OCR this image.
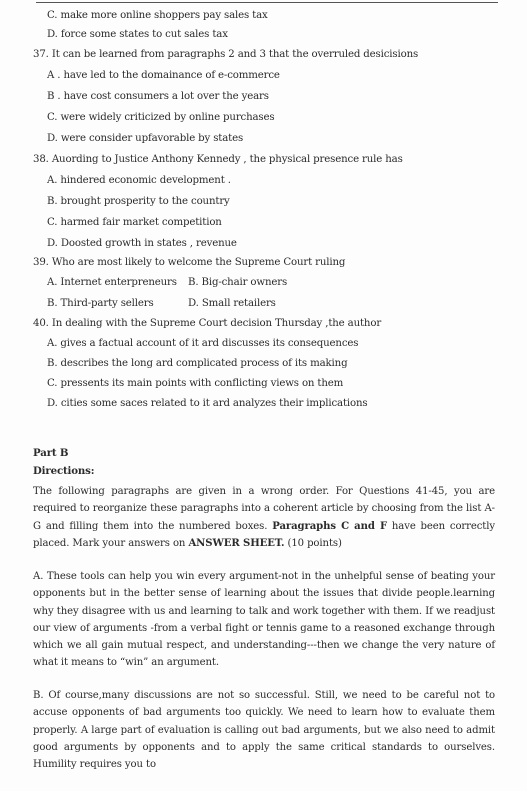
C. make more online shoppers pay sales tax
D. force some states to cut sales tax
37. It can be learned from paragraphs 2 and 3 that the overruled desicisions
A . have led to the domainance of e-commerce
B . have cost consumers a lot over the years
C. were widely criticized by online purchases
D. were consider upfavorable by states
38. Auording to Justice Anthony Kennedy , the physical presence rule has
A. hindered economic development .
B. brought prosperity to the country
C. harmed fair market competition
D. Doosted growth in states , revenue
39. Who are most likely to welcome the Supreme Court ruling
A. Internet enterpreneurs B. Big-chair owners
B. Third-party sellers	D. Small retailers
40. In dealing with the Supreme Court decision Thursday ,the author
A. gives a factual account of it ard discusses its consequences
B. describes the long ard complicated process of its making
C. pressents its main points with conflicting views on them
D. cities some saces related to it ard analyzes their implications
Part B
Directions:
The following paragraphs are given in a wrong order. For Questions 41-45, you are required to reorganize these paragraphs into a coherent article by choosing from the list A-G and filling them into the numbered boxes. Paragraphs C and F have been correctly placed. Mark your answers on ANSWER SHEET. (10 points)
A. These tools can help you win every argument-not in the unhelpful sense of beating your opponents but in the better sense of learning about the issues that divide people.learning why they disagree with us and learning to talk and work together with them. If we readjust our view of arguments -from a verbal fight or tennis game to a reasoned exchange through which we all gain mutual respect, and understanding---then we change the very nature of what it means to “win” an argument.
B. Of course,many discussions are not so successful. Still, we need to be careful not to accuse opponents of bad arguments too quickly. We need to learn how to evaluate them properly. A large part of evaluation is calling out bad arguments, but we also need to admit good arguments by opponents and to apply the same critical standards to ourselves. Humility requires you to
